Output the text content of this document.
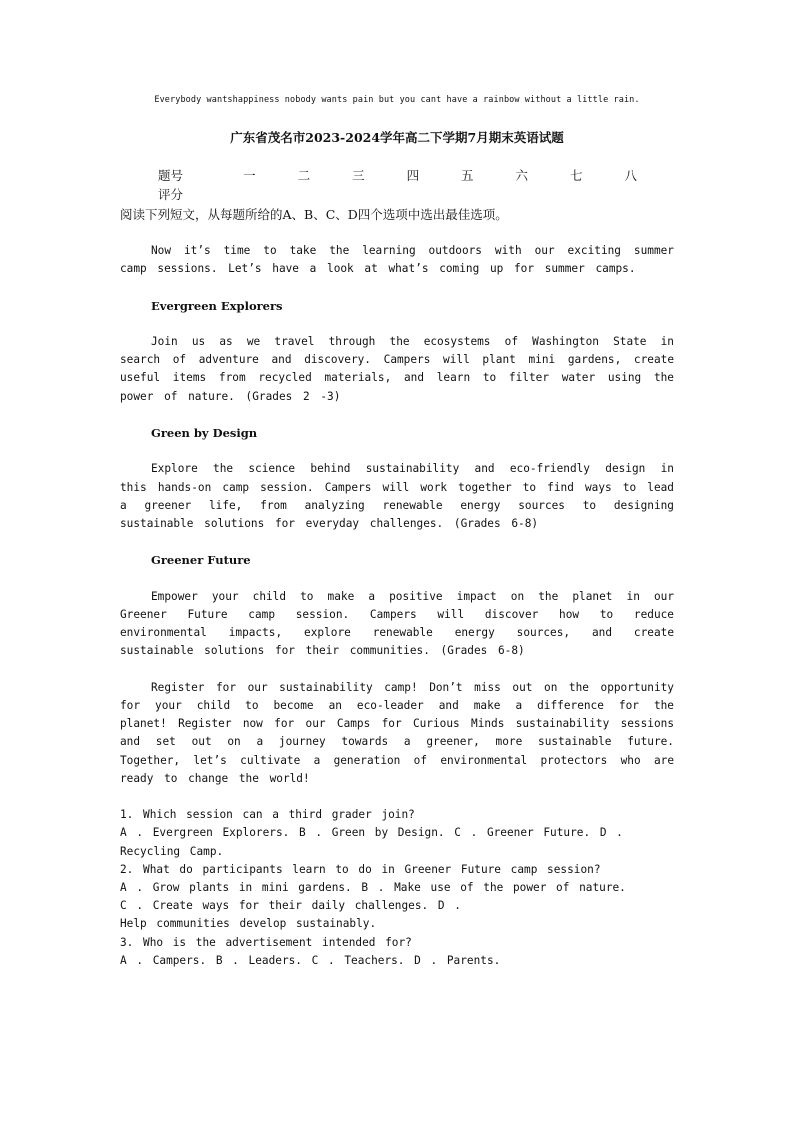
Everybody wantshappiness nobody wants pain but you cant have a rainbow without a little rain.
广东省茂名市2023-2024学年高二下学期7月期末英语试题
题号	一	二	三	四	五	六	七	八
评分
阅读下列短文，从每题所给的A、B、C、D四个选项中选出最佳选项。

Now it’s time to take the learning outdoors with our exciting summer camp sessions. Let’s have a look at what’s coming up for summer camps.

Evergreen Explorers

Join us as we travel through the ecosystems of Washington State in search of adventure and discovery. Campers will plant mini gardens, create useful items from recycled materials, and learn to filter water using the power of nature. (Grades 2 -3)

Green by Design

Explore the science behind sustainability and eco-friendly design in this hands-on camp session. Campers will work together to find ways to lead a greener life, from analyzing renewable energy sources to designing sustainable solutions for everyday challenges. (Grades 6-8)

Greener Future

Empower your child to make a positive impact on the planet in our Greener Future camp session. Campers will discover how to reduce environmental impacts, explore renewable energy sources, and create sustainable solutions for their communities. (Grades 6-8)

Register for our sustainability camp! Don’t miss out on the opportunity for your child to become an eco-leader and make a difference for the planet! Register now for our Camps for Curious Minds sustainability sessions and set out on a journey towards a greener, more sustainable future. Together, let’s cultivate a generation of environmental protectors who are ready to change the world!

1. Which session can a third grader join?

A . Evergreen Explorers. B . Green by Design. C . Greener Future. D .

Recycling Camp.

2. What do participants learn to do in Greener Future camp session?

A . Grow plants in mini gardens. B . Make use of the power of nature.

C . Create ways for their daily challenges. D .

Help communities develop sustainably.

3. Who is the advertisement intended for?

A . Campers. B . Leaders. C . Teachers. D . Parents.
